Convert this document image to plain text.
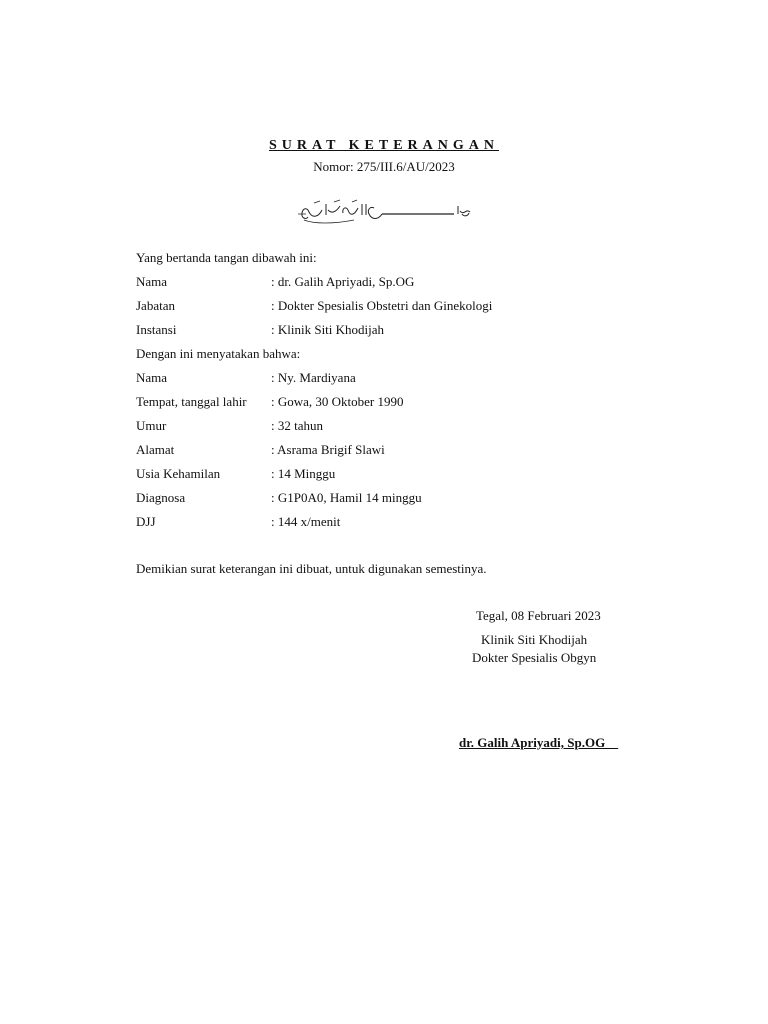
SURAT KETERANGAN
Nomor: 275/III.6/AU/2023
Yang bertanda tangan dibawah ini:
Nama	: dr. Galih Apriyadi, Sp.OG
Jabatan	: Dokter Spesialis Obstetri dan Ginekologi
Instansi	: Klinik Siti Khodijah
Dengan ini menyatakan bahwa:
Nama	: Ny. Mardiyana
Tempat, tanggal lahir : Gowa, 30 Oktober 1990
Umur	: 32 tahun
Alamat	: Asrama Brigif Slawi
Usia Kehamilan	: 14 Minggu
Diagnosa	: G1P0A0, Hamil 14 minggu
DJJ	: 144 x/menit
Demikian surat keterangan ini dibuat, untuk digunakan semestinya.
Tegal, 08 Februari 2023
Klinik Siti Khodijah
Dokter Spesialis Obgyn
dr. Galih Apriyadi, Sp.OG
